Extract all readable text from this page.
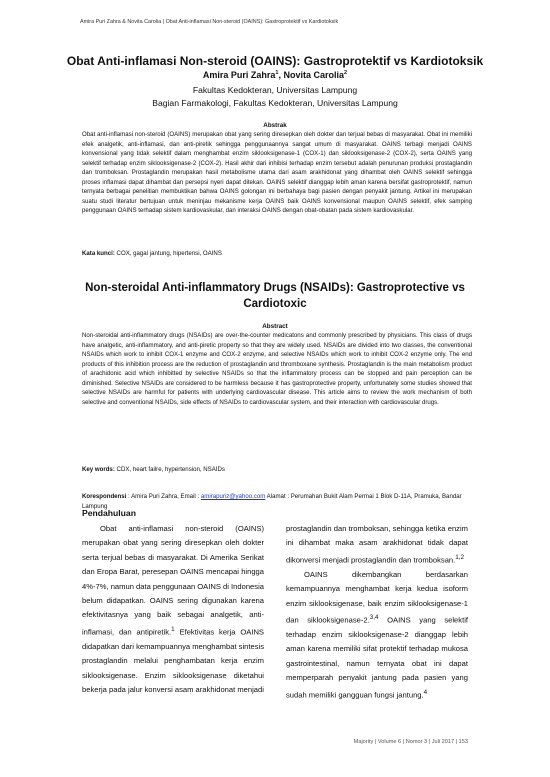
Amira Puri Zahra & Novita Carolia | Obat Anti-inflamasi Non-steroid (OAINS): Gastroprotektif vs Kardiotoksik
Obat Anti-inflamasi Non-steroid (OAINS): Gastroprotektif vs Kardiotoksik
Amira Puri Zahra$^1$, Novita Carolia$^2$
Fakultas Kedokteran, Universitas Lampung
Bagian Farmakologi, Fakultas Kedokteran, Universitas Lampung
Abstrak
Obat anti-inflamasi non-steroid (OAINS) merupakan obat yang sering diresepkan oleh dokter dan terjual bebas di masyarakat. Obat ini memiliki efek analgetik, anti-inflamasi, dan anti-piretik sehingga penggunaannya sangat umum di masyarakat. OAINS terbagi menjadi OAINS konvensional yang tidak selektif dalam menghambat enzim siklooksigenase-1 (COX-1) dan siklooksigenase-2 (COX-2), serta OAINS yang selektif terhadap enzim siklooksigenase-2 (COX-2). Hasil akhir dari inhibisi terhadap enzim tersebut adalah penurunan produksi prostaglandin dan tromboksan. Prostaglandin merupakan hasil metabolisme utama dari asam arakhidonat yang dihambat oleh OAINS selektif sehingga proses inflamasi dapat dihambat dan persepsi nyeri dapat ditekan. OAINS selektif dianggap lebih aman karena bersifat gastroprotektif, namun ternyata berbagai penelitian membuktikan bahwa OAINS golongan ini berbahaya bagi pasien dengan penyakit jantung. Artikel ini merupakan suatu studi literatur bertujuan untuk meninjau mekanisme kerja OAINS baik OAINS konvensional maupun OAINS selektif, efek samping penggunaan OAINS terhadap sistem kardiovaskular, dan interaksi OAINS dengan obat-obatan pada sistem kardiovaskular.
Kata kunci: COX, gagal jantung, hipertensi, OAINS
Non-steroidal Anti-inflammatory Drugs (NSAIDs): Gastroprotective vs Cardiotoxic
Abstract
Non-steroidal anti-inflammatory drugs (NSAIDs) are over-the-counter medicatons and commonly prescribed by physicians. This class of drugs have analgetic, anti-inflammatory, and anti-piretic property so that they are widely used. NSAIDs are divided into two classes, the conventional NSAIDs which work to inhibit COX-1 enzyme and COX-2 enzyme, and selective NSAIDs which work to inhibit COX-2 enzyme only. The end products of this inhibition process are the reduction of prostaglandin and thromboxane synthesis. Prostaglandin is the main metabolism product of arachidonic acid which inhibitted by selective NSAIDs so that the inflammatory process can be stopped and pain perception can be diminished. Selective NSAIDs are considered to be harmless because it has gastroprotective property, unfortunately some studies showed that selective NSAIDs are harmful for patients with underlying cardiovascular disease. This article aims to review the work mechanism of both selective and conventional NSAIDs, side effects of NSAIDs to cardiovascular system, and their interaction with cardiovascular drugs.
Key words: CDX, heart failre, hypertension, NSAIDs
Korespondensi : Amira Puri Zahra, Email : amirapuriz@yahoo.com Alamat : Perumahan Bukit Alam Permai 1 Blok D-11A, Pramuka, Bandar Lampung
Pendahuluan

Obat anti-inflamasi non-steroid (OAINS) merupakan obat yang sering diresepkan oleh dokter serta terjual bebas di masyarakat. Di Amerika Serikat dan Eropa Barat, peresepan OAINS mencapai hingga 4%-7%, namun data penggunaan OAINS di Indonesia belum didapatkan. OAINS sering digunakan karena efektivitasnya yang baik sebagai analgetik, anti-inflamasi, dan antipiretik.$^1$ Efektivitas kerja OAINS didapatkan dari kemampuannya menghambat sintesis prostaglandin melalui penghambatan kerja enzim siklooksigenase. Enzim siklooksigenase diketahui bekerja pada jalur konversi asam arakhidonat menjadi

prostaglandin dan tromboksan, sehingga ketika enzim ini dihambat maka asam arakhidonat tidak dapat dikonversi menjadi prostaglandin dan tromboksan.$^{1,2}$

OAINS dikembangkan berdasarkan kemampuannya menghambat kerja kedua isoform enzim siklooksigenase, baik enzim siklooksigenase-1 dan siklooksigenase-2.$^{3,4}$ OAINS yang selektif terhadap enzim siklooksigenase-2 dianggap lebih aman karena memiliki sifat protektif terhadap mukosa gastrointestinal, namun ternyata obat ini dapat memperparah penyakit jantung pada pasien yang sudah memiliki gangguan fungsi jantung.$^4$

Majority | Volume 6 | Nomor 3 | Juli 2017 | 153
